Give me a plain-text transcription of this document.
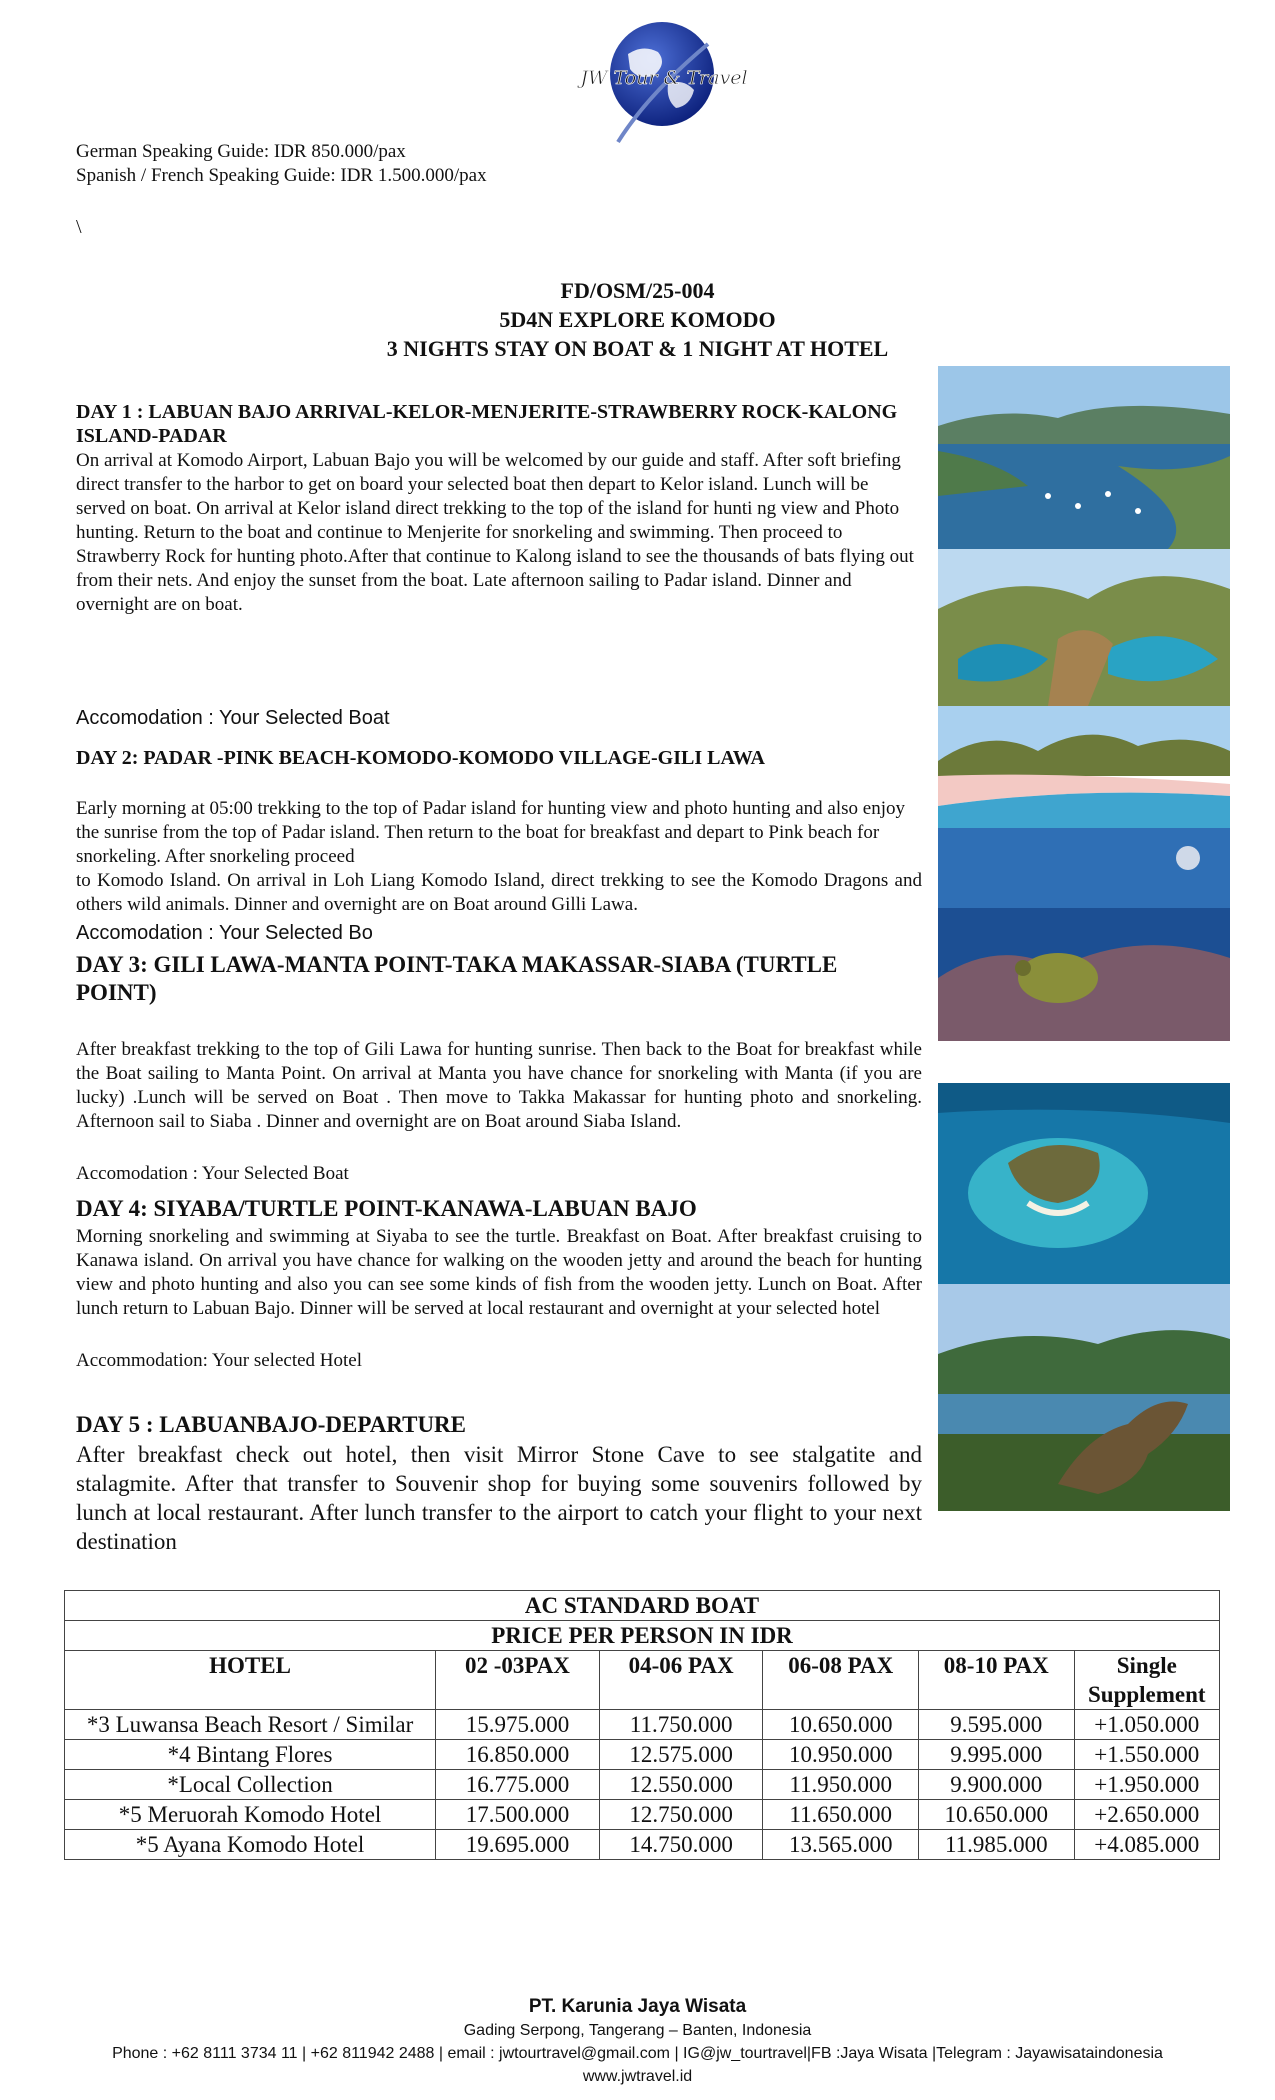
JW Tour & Travel
German Speaking Guide: IDR 850.000/pax
Spanish / French Speaking Guide: IDR 1.500.000/pax
\
FD/OSM/25-004
5D4N EXPLORE KOMODO
3 NIGHTS STAY ON BOAT & 1 NIGHT AT HOTEL
DAY 1 : LABUAN BAJO ARRIVAL-KELOR-MENJERITE-STRAWBERRY ROCK-KALONG ISLAND-PADAR
On arrival at Komodo Airport, Labuan Bajo you will be welcomed by our guide and staff. After soft briefing direct transfer to the harbor to get on board your selected boat then depart to Kelor island. Lunch will be served on boat. On arrival at Kelor island direct trekking to the top of the island for hunti ng view and Photo hunting. Return to the boat and continue to Menjerite for snorkeling and swimming. Then proceed to Strawberry Rock for hunting photo.After that continue to Kalong island to see the thousands of bats flying out from their nets. And enjoy the sunset from the boat. Late afternoon sailing to Padar island. Dinner and overnight are on boat.
Accomodation : Your Selected Boat
DAY 2: PADAR -PINK BEACH-KOMODO-KOMODO VILLAGE-GILI LAWA
Early morning at 05:00 trekking to the top of Padar island for hunting view and photo hunting and also enjoy the sunrise from the top of Padar island. Then return to the boat for breakfast and depart to Pink beach for snorkeling. After snorkeling proceed
to Komodo Island. On arrival in Loh Liang Komodo Island, direct trekking to see the Komodo Dragons and others wild animals. Dinner and overnight are on Boat around Gilli Lawa.
Accomodation : Your Selected Bo
DAY 3: GILI LAWA-MANTA POINT-TAKA MAKASSAR-SIABA (TURTLE POINT)
After breakfast trekking to the top of Gili Lawa for hunting sunrise. Then back to the Boat for breakfast while the Boat sailing to Manta Point. On arrival at Manta you have chance for snorkeling with Manta (if you are lucky) .Lunch will be served on Boat . Then move to Takka Makassar for hunting photo and snorkeling. Afternoon sail to Siaba . Dinner and overnight are on Boat around Siaba Island.
Accomodation : Your Selected Boat
DAY 4: SIYABA/TURTLE POINT-KANAWA-LABUAN BAJO
Morning snorkeling and swimming at Siyaba to see the turtle. Breakfast on Boat. After breakfast cruising to Kanawa island. On arrival you have chance for walking on the wooden jetty and around the beach for hunting view and photo hunting and also you can see some kinds of fish from the wooden jetty. Lunch on Boat. After lunch return to Labuan Bajo. Dinner will be served at local restaurant and overnight at your selected hotel
Accommodation: Your selected Hotel
DAY 5 : LABUANBAJO-DEPARTURE
After breakfast check out hotel, then visit Mirror Stone Cave to see stalgatite and stalagmite. After that transfer to Souvenir shop for buying some souvenirs followed by lunch at local restaurant. After lunch transfer to the airport to catch your flight to your next destination
AC STANDARD BOAT					
PRICE PER PERSON IN IDR					
HOTEL	02 -03PAX	04-06 PAX	06-08 PAX	08-10 PAX	Single Supplement
*3 Luwansa Beach Resort / Similar	15.975.000	11.750.000	10.650.000	9.595.000	+1.050.000
*4 Bintang Flores	16.850.000	12.575.000	10.950.000	9.995.000	+1.550.000
*Local Collection	16.775.000	12.550.000	11.950.000	9.900.000	+1.950.000
*5 Meruorah Komodo Hotel	17.500.000	12.750.000	11.650.000	10.650.000	+2.650.000
*5 Ayana Komodo Hotel	19.695.000	14.750.000	13.565.000	11.985.000	+4.085.000
PT. Karunia Jaya Wisata
Gading Serpong, Tangerang – Banten, Indonesia
Phone : +62 8111 3734 11 | +62 811942 2488 | email : jwtourtravel@gmail.com | IG@jw_tourtravel|FB :Jaya Wisata |Telegram : Jayawisataindonesia
www.jwtravel.id
